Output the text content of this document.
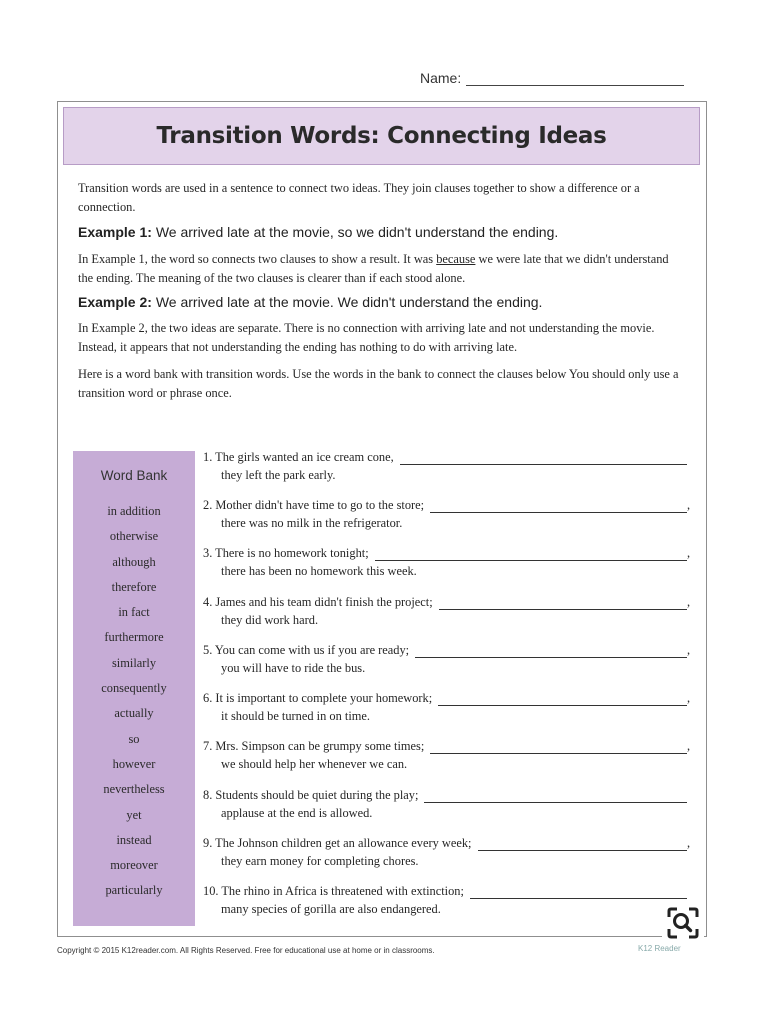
Name:
Transition Words: Connecting Ideas
Transition words are used in a sentence to connect two ideas. They join clauses together to show a difference or a connection.
Example 1: We arrived late at the movie, so we didn't understand the ending.
In Example 1, the word so connects two clauses to show a result. It was because we were late that we didn't understand the ending. The meaning of the two clauses is clearer than if each stood alone.
Example 2: We arrived late at the movie. We didn't understand the ending.
In Example 2, the two ideas are separate. There is no connection with arriving late and not understanding the movie. Instead, it appears that not understanding the ending has nothing to do with arriving late.
Here is a word bank with transition words. Use the words in the bank to connect the clauses below You should only use a transition word or phrase once.
Word Bank
in addition
otherwise
although
therefore
in fact
furthermore
similarly
consequently
actually
so
however
nevertheless
yet
instead
moreover
particularly
1. The girls wanted an ice cream cone,
they left the park early.
2. Mother didn't have time to go to the store;	,
there was no milk in the refrigerator.
3. There is no homework tonight;	,
there has been no homework this week.
4. James and his team didn't finish the project;	,
they did work hard.
5. You can come with us if you are ready;	,
you will have to ride the bus.
6. It is important to complete your homework;	,
it should be turned in on time.
7. Mrs. Simpson can be grumpy some times;	,
we should help her whenever we can.
8. Students should be quiet during the play;
applause at the end is allowed.
9. The Johnson children get an allowance every week;	,
they earn money for completing chores.
10. The rhino in Africa is threatened with extinction;
many species of gorilla are also endangered.
Copyright © 2015 K12reader.com. All Rights Reserved. Free for educational use at home or in classrooms.	K12 Reader
